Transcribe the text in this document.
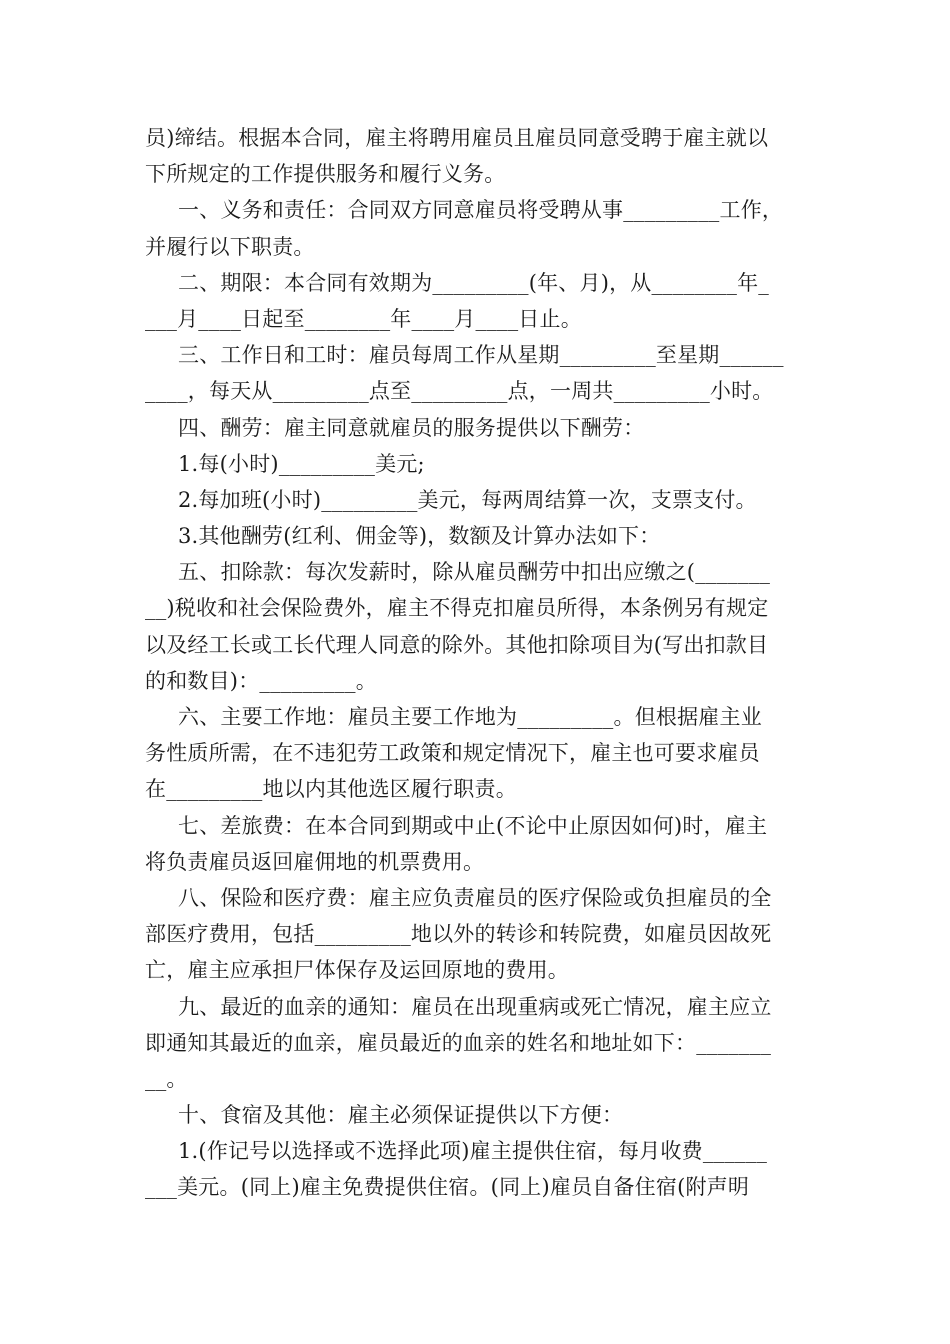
员)缔结。根据本合同，雇主将聘用雇员且雇员同意受聘于雇主就以
下所规定的工作提供服务和履行义务。
一、义务和责任：合同双方同意雇员将受聘从事_________工作，
并履行以下职责。
二、期限：本合同有效期为_________(年、月)，从________年_
___月____日起至________年____月____日止。
三、工作日和工时：雇员每周工作从星期_________至星期______
____，每天从_________点至_________点，一周共_________小时。
四、酬劳：雇主同意就雇员的服务提供以下酬劳：
1.每(小时)_________美元;
2.每加班(小时)_________美元，每两周结算一次，支票支付。
3.其他酬劳(红利、佣金等)，数额及计算办法如下：
五、扣除款：每次发薪时，除从雇员酬劳中扣出应缴之(_______
__)税收和社会保险费外，雇主不得克扣雇员所得，本条例另有规定
以及经工长或工长代理人同意的除外。其他扣除项目为(写出扣款目
的和数目)：_________。
六、主要工作地：雇员主要工作地为_________。但根据雇主业
务性质所需，在不违犯劳工政策和规定情况下，雇主也可要求雇员
在_________地以内其他选区履行职责。
七、差旅费：在本合同到期或中止(不论中止原因如何)时，雇主
将负责雇员返回雇佣地的机票费用。
八、保险和医疗费：雇主应负责雇员的医疗保险或负担雇员的全
部医疗费用，包括_________地以外的转诊和转院费，如雇员因故死
亡，雇主应承担尸体保存及运回原地的费用。
九、最近的血亲的通知：雇员在出现重病或死亡情况，雇主应立
即通知其最近的血亲，雇员最近的血亲的姓名和地址如下：_______
__。
十、食宿及其他：雇主必须保证提供以下方便：
1.(作记号以选择或不选择此项)雇主提供住宿，每月收费______
___美元。(同上)雇主免费提供住宿。(同上)雇员自备住宿(附声明
